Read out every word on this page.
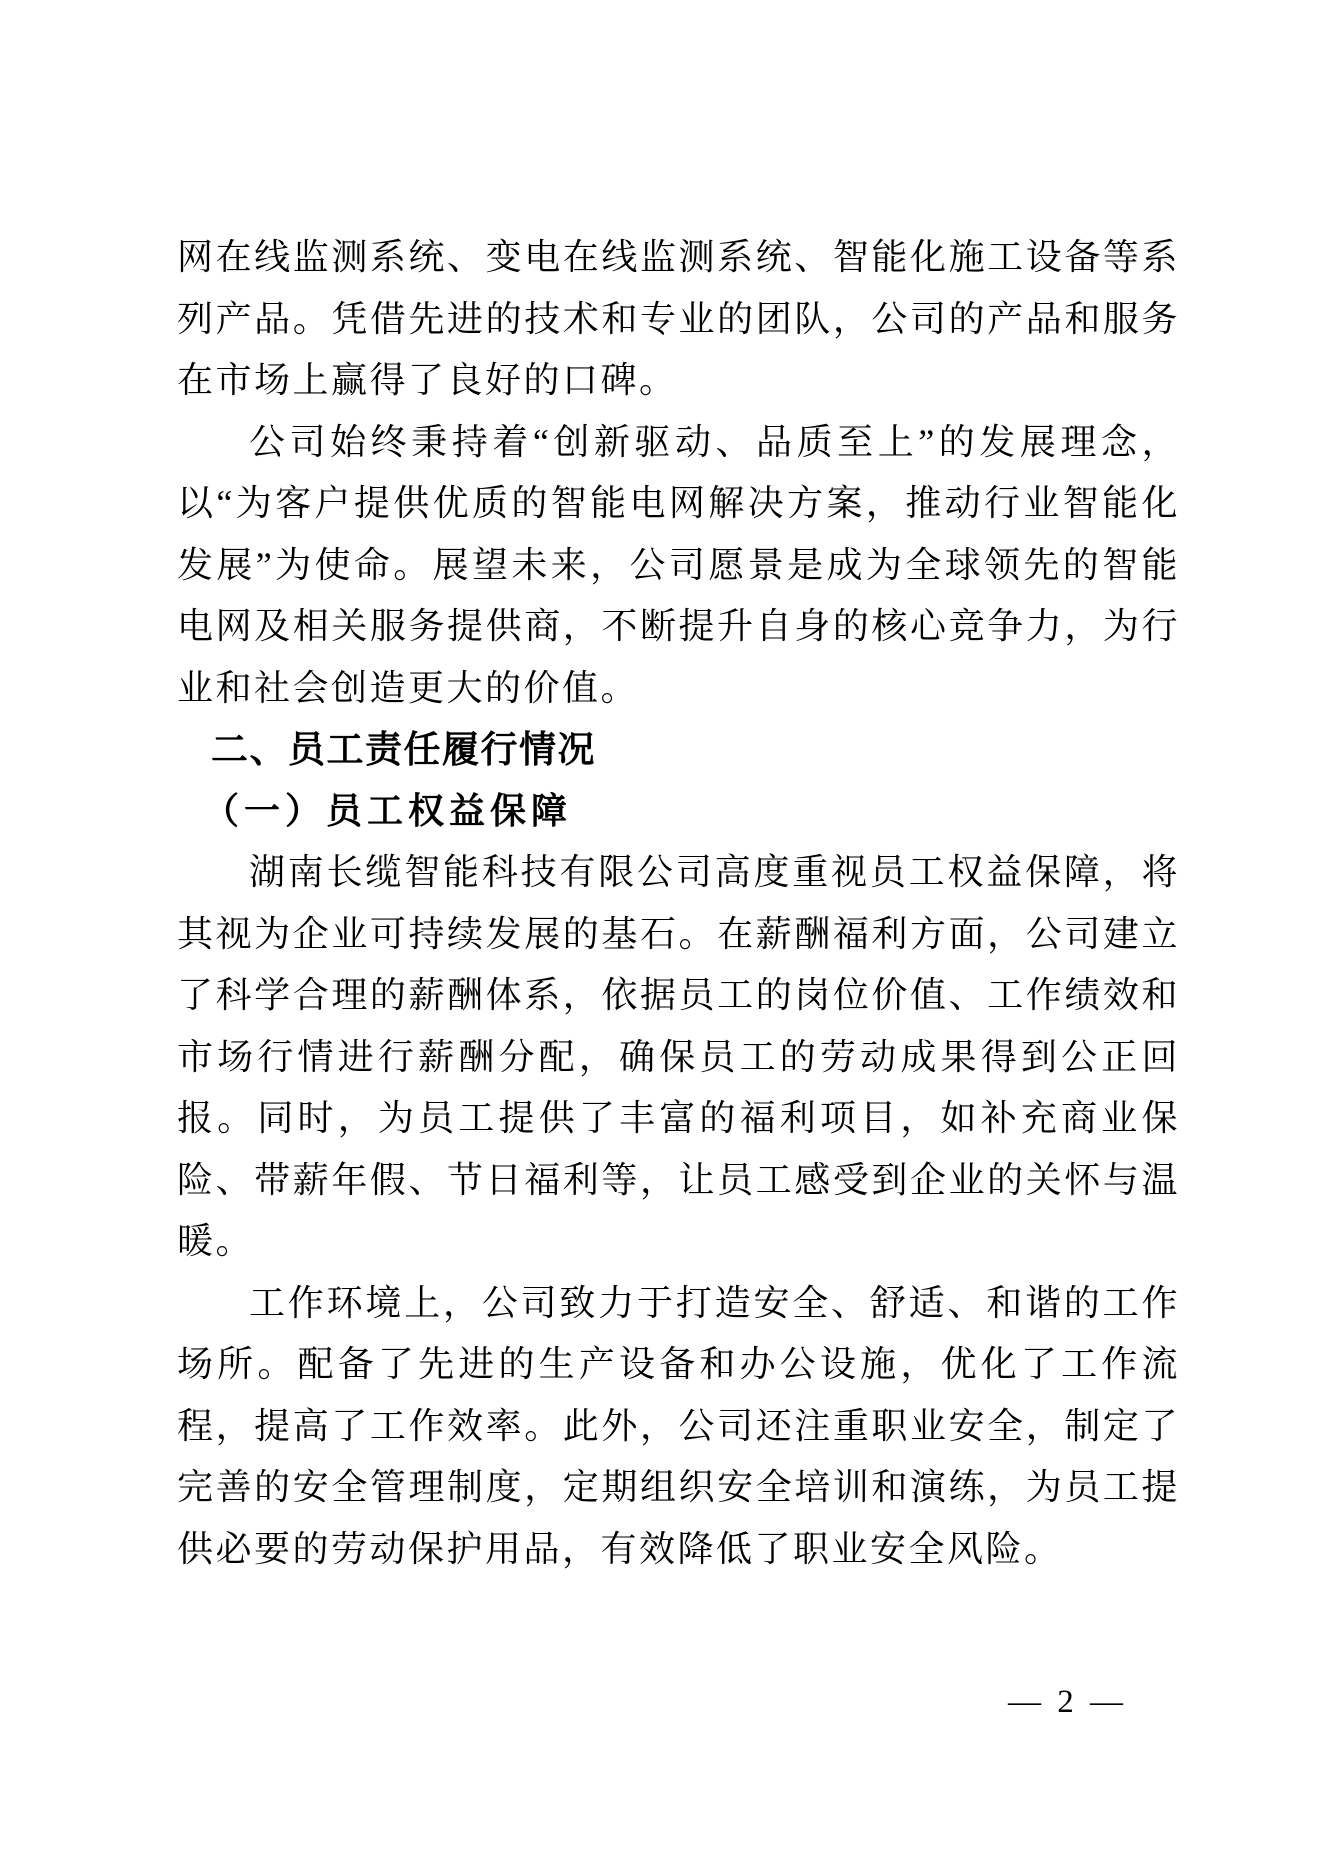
网在线监测系统、变电在线监测系统、智能化施工设备等系列产品。凭借先进的技术和专业的团队，公司的产品和服务在市场上赢得了良好的口碑。

公司始终秉持着“创新驱动、品质至上”的发展理念，以“为客户提供优质的智能电网解决方案，推动行业智能化发展”为使命。展望未来，公司愿景是成为全球领先的智能电网及相关服务提供商，不断提升自身的核心竞争力，为行业和社会创造更大的价值。

二、员工责任履行情况
（一）员工权益保障

湖南长缆智能科技有限公司高度重视员工权益保障，将其视为企业可持续发展的基石。在薪酬福利方面，公司建立了科学合理的薪酬体系，依据员工的岗位价值、工作绩效和市场行情进行薪酬分配，确保员工的劳动成果得到公正回报。同时，为员工提供了丰富的福利项目，如补充商业保险、带薪年假、节日福利等，让员工感受到企业的关怀与温暖。

工作环境上，公司致力于打造安全、舒适、和谐的工作场所。配备了先进的生产设备和办公设施，优化了工作流程，提高了工作效率。此外，公司还注重职业安全，制定了完善的安全管理制度，定期组织安全培训和演练，为员工提供必要的劳动保护用品，有效降低了职业安全风险。

— 2 —
